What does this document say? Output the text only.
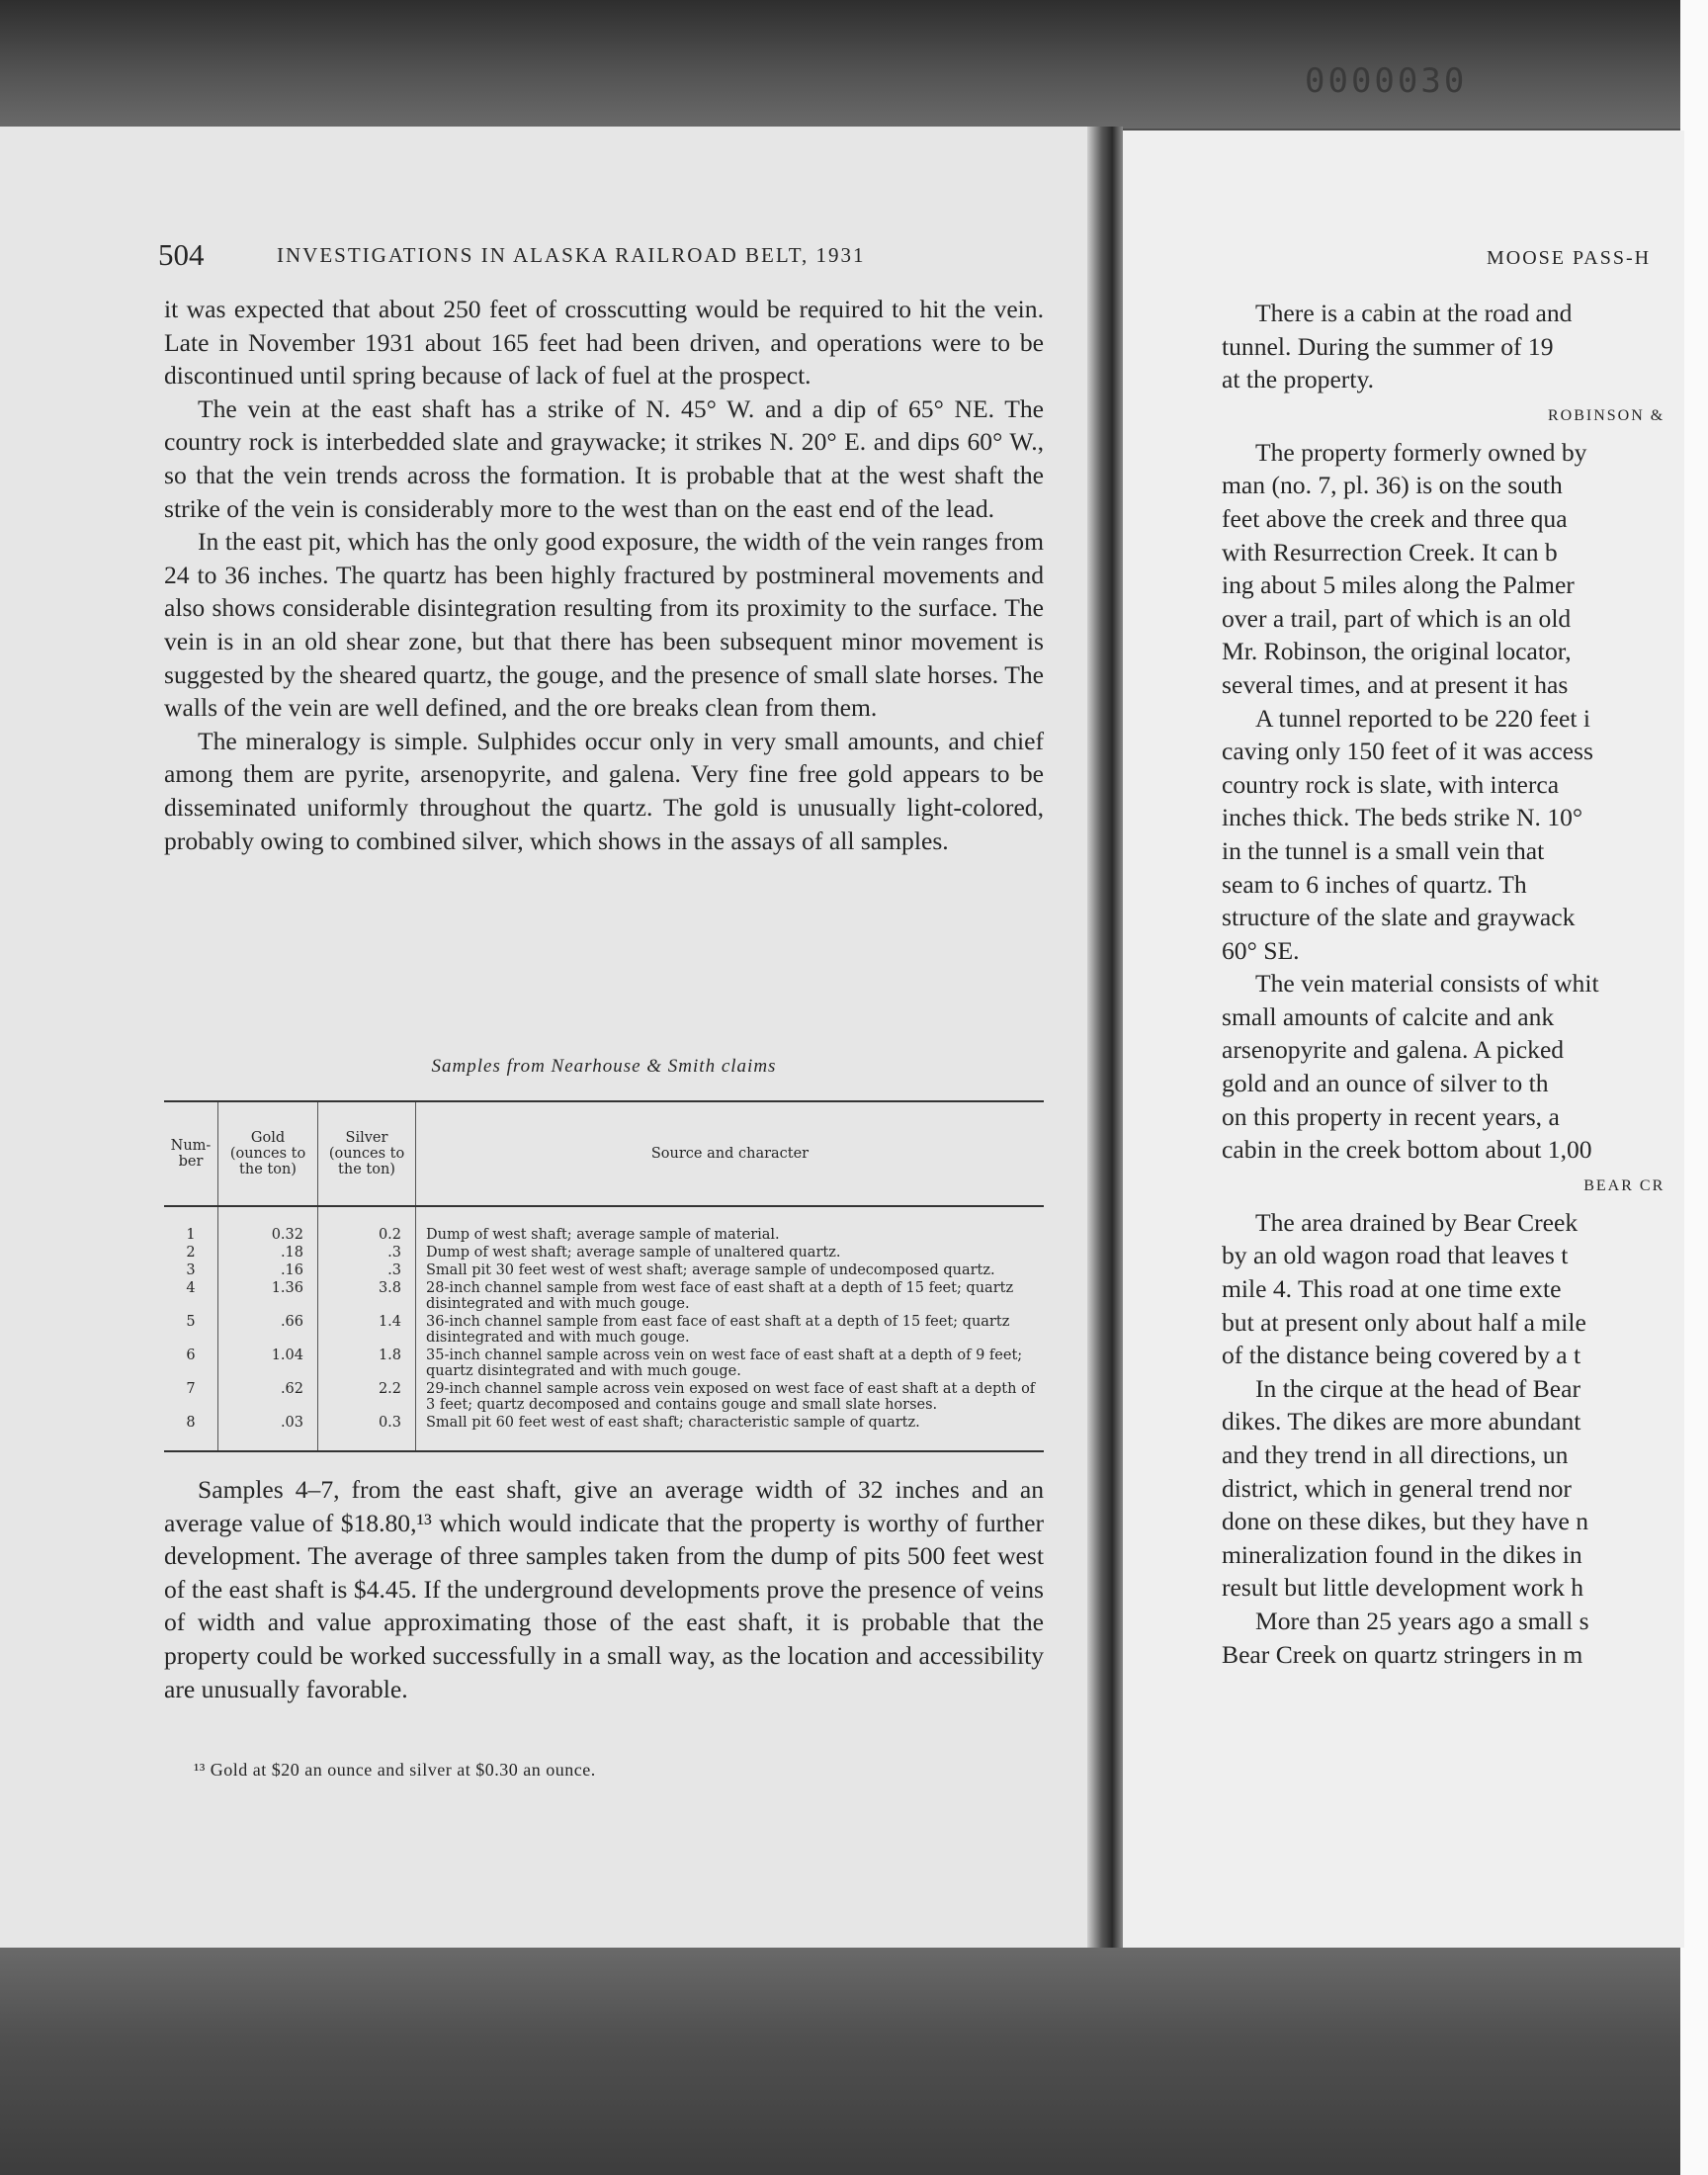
0000030
504	INVESTIGATIONS IN ALASKA RAILROAD BELT, 1931

it was expected that about 250 feet of crosscutting would be required to hit the vein. Late in November 1931 about 165 feet had been driven, and operations were to be discontinued until spring because of lack of fuel at the prospect.

The vein at the east shaft has a strike of N. 45° W. and a dip of 65° NE. The country rock is interbedded slate and graywacke; it strikes N. 20° E. and dips 60° W., so that the vein trends across the formation. It is probable that at the west shaft the strike of the vein is considerably more to the west than on the east end of the lead.

In the east pit, which has the only good exposure, the width of the vein ranges from 24 to 36 inches. The quartz has been highly fractured by postmineral movements and also shows considerable disintegration resulting from its proximity to the surface. The vein is in an old shear zone, but that there has been subsequent minor movement is suggested by the sheared quartz, the gouge, and the presence of small slate horses. The walls of the vein are well defined, and the ore breaks clean from them.

The mineralogy is simple. Sulphides occur only in very small amounts, and chief among them are pyrite, arsenopyrite, and galena. Very fine free gold appears to be disseminated uniformly throughout the quartz. The gold is unusually light-colored, probably owing to combined silver, which shows in the assays of all samples.

Samples from Nearhouse & Smith claims
Num- ber	Gold (ounces to the ton)	Silver (ounces to the ton)	Source and character
1	0.32	0.2	Dump of west shaft; average sample of material.
2	.18	.3	Dump of west shaft; average sample of unaltered quartz.
3	.16	.3	Small pit 30 feet west of west shaft; average sample of undecomposed quartz.
4	1.36	3.8	28-inch channel sample from west face of east shaft at a depth of 15 feet; quartz disintegrated and with much gouge.
5	.66	1.4	36-inch channel sample from east face of east shaft at a depth of 15 feet; quartz disintegrated and with much gouge.
6	1.04	1.8	35-inch channel sample across vein on west face of east shaft at a depth of 9 feet; quartz disintegrated and with much gouge.
7	.62	2.2	29-inch channel sample across vein exposed on west face of east shaft at a depth of 3 feet; quartz decomposed and contains gouge and small slate horses.
8	.03	0.3	Small pit 60 feet west of east shaft; characteristic sample of quartz.

Samples 4–7, from the east shaft, give an average width of 32 inches and an average value of $18.80,¹³ which would indicate that the property is worthy of further development. The average of three samples taken from the dump of pits 500 feet west of the east shaft is $4.45. If the underground developments prove the presence of veins of width and value approximating those of the east shaft, it is probable that the property could be worked successfully in a small way, as the location and accessibility are unusually favorable.

¹³ Gold at $20 an ounce and silver at $0.30 an ounce.
MOOSE PASS-H
There is a cabin at the road and
tunnel. During the summer of 19
at the property.
ROBINSON &
The property formerly owned by
man (no. 7, pl. 36) is on the south
feet above the creek and three qua
with Resurrection Creek. It can b
ing about 5 miles along the Palmer
over a trail, part of which is an old
Mr. Robinson, the original locator,
several times, and at present it has
A tunnel reported to be 220 feet i
caving only 150 feet of it was access
country rock is slate, with interca
inches thick. The beds strike N. 10°
in the tunnel is a small vein that
seam to 6 inches of quartz. Th
structure of the slate and graywack
60° SE.
The vein material consists of whit
small amounts of calcite and ank
arsenopyrite and galena. A picked
gold and an ounce of silver to th
on this property in recent years, a
cabin in the creek bottom about 1,00
BEAR CR
The area drained by Bear Creek
by an old wagon road that leaves t
mile 4. This road at one time exte
but at present only about half a mile
of the distance being covered by a t
In the cirque at the head of Bear
dikes. The dikes are more abundant
and they trend in all directions, un
district, which in general trend nor
done on these dikes, but they have n
mineralization found in the dikes in
result but little development work h
More than 25 years ago a small s
Bear Creek on quartz stringers in m
